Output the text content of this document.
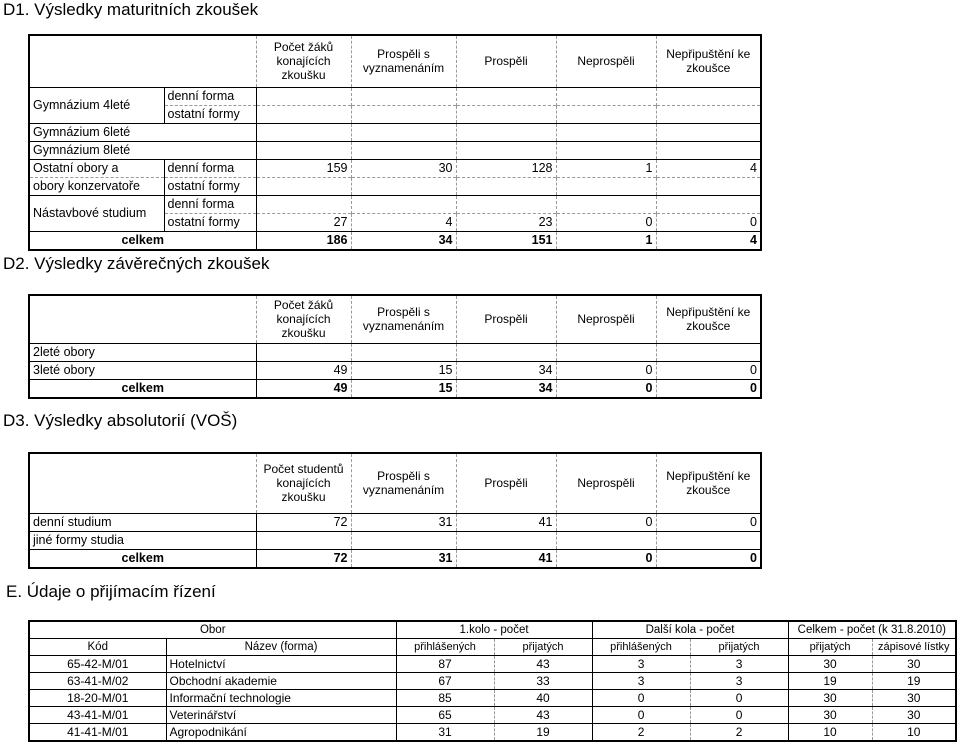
D1. Výsledky maturitních zkoušek
		Počet žáků konajících zkoušku	Prospěli s vyznamenáním	Prospěli	Neprospěli	Nepřipuštění ke zkoušce
Gymnázium 4leté	denní forma					
	ostatní formy					
Gymnázium 6leté						
Gymnázium 8leté						
Ostatní obory a	denní forma	159	30	128	1	4
obory konzervatoře	ostatní formy					
Nástavbové studium	denní forma					
	ostatní formy	27	4	23	0	0
celkem		186	34	151	1	4
D2. Výsledky závěrečných zkoušek
	Počet žáků konajících zkoušku	Prospěli s vyznamenáním	Prospěli	Neprospěli	Nepřipuštění ke zkoušce
2leté obory					
3leté obory	49	15	34	0	0
celkem	49	15	34	0	0
D3. Výsledky absolutorií (VOŠ)
	Počet studentů konajících zkoušku	Prospěli s vyznamenáním	Prospěli	Neprospěli	Nepřipuštění ke zkoušce
denní studium	72	31	41	0	0
jiné formy studia					
celkem	72	31	41	0	0
E. Údaje o přijímacím řízení
Obor		1.kolo - počet		Další kola - počet		Celkem - počet (k 31.8.2010)	
Kód	Název (forma)	přihlášených	přijatých	přihlášených	přijatých	přijatých	zápisové lístky
65-42-M/01	Hotelnictví	87	43	3	3	30	30
63-41-M/02	Obchodní akademie	67	33	3	3	19	19
18-20-M/01	Informační technologie	85	40	0	0	30	30
43-41-M/01	Veterinářství	65	43	0	0	30	30
41-41-M/01	Agropodnikání	31	19	2	2	10	10
